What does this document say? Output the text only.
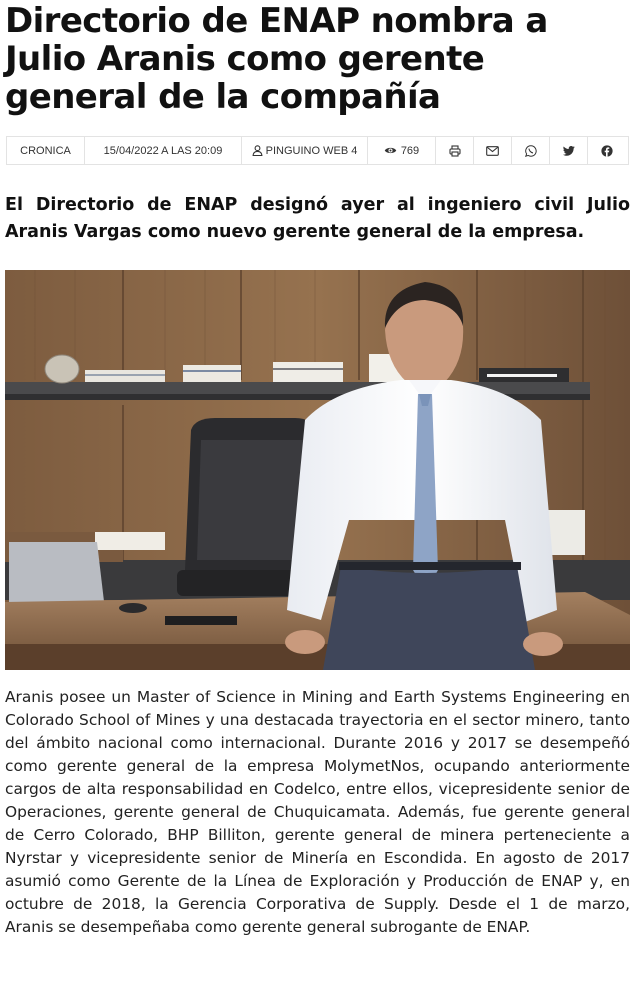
Directorio de ENAP nombra a Julio Aranis como gerente general de la compañía
CRONICA	15/04/2022 A LAS 20:09	PINGUINO WEB 4	769

El Directorio de ENAP designó ayer al ingeniero civil Julio Aranis Vargas como nuevo gerente general de la empresa.

Aranis posee un Master of Science in Mining and Earth Systems Engineering en Colorado School of Mines y una destacada trayectoria en el sector minero, tanto del ámbito nacional como internacional. Durante 2016 y 2017 se desempeñó como gerente general de la empresa MolymetNos, ocupando anteriormente cargos de alta responsabilidad en Codelco, entre ellos, vicepresidente senior de Operaciones, gerente general de Chuquicamata. Además, fue gerente general de Cerro Colorado, BHP Billiton, gerente general de minera perteneciente a Nyrstar y vicepresidente senior de Minería en Escondida. En agosto de 2017 asumió como Gerente de la Línea de Exploración y Producción de ENAP y, en octubre de 2018, la Gerencia Corporativa de Supply. Desde el 1 de marzo, Aranis se desempeñaba como gerente general subrogante de ENAP.
